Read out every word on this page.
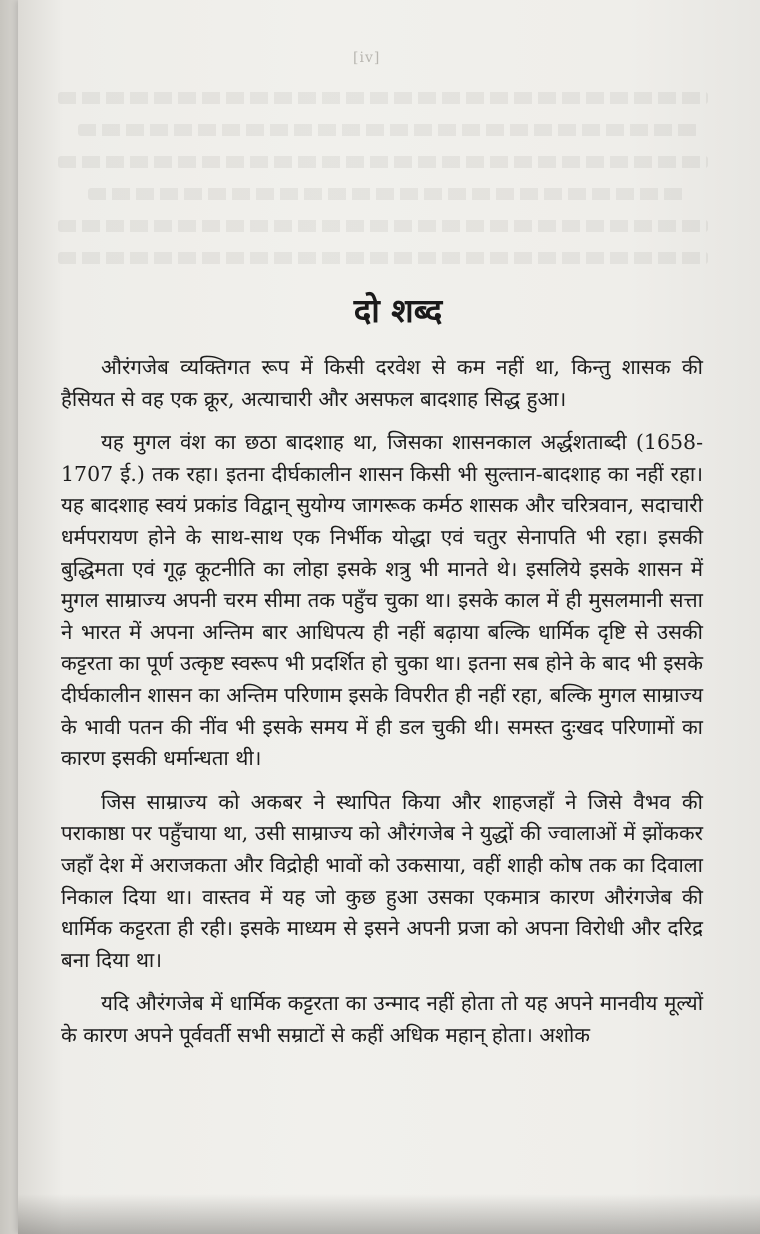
[iv]
दो शब्द

औरंगजेब व्यक्तिगत रूप में किसी दरवेश से कम नहीं था, किन्तु शासक की हैसियत से वह एक क्रूर, अत्याचारी और असफल बादशाह सिद्ध हुआ।

यह मुगल वंश का छठा बादशाह था, जिसका शासनकाल अर्द्धशताब्दी (1658-1707 ई.) तक रहा। इतना दीर्घकालीन शासन किसी भी सुल्तान-बादशाह का नहीं रहा। यह बादशाह स्वयं प्रकांड विद्वान् सुयोग्य जागरूक कर्मठ शासक और चरित्रवान, सदाचारी धर्मपरायण होने के साथ-साथ एक निर्भीक योद्धा एवं चतुर सेनापति भी रहा। इसकी बुद्धिमता एवं गूढ़ कूटनीति का लोहा इसके शत्रु भी मानते थे। इसलिये इसके शासन में मुगल साम्राज्य अपनी चरम सीमा तक पहुँच चुका था। इसके काल में ही मुसलमानी सत्ता ने भारत में अपना अन्तिम बार आधिपत्य ही नहीं बढ़ाया बल्कि धार्मिक दृष्टि से उसकी कट्टरता का पूर्ण उत्कृष्ट स्वरूप भी प्रदर्शित हो चुका था। इतना सब होने के बाद भी इसके दीर्घकालीन शासन का अन्तिम परिणाम इसके विपरीत ही नहीं रहा, बल्कि मुगल साम्राज्य के भावी पतन की नींव भी इसके समय में ही डल चुकी थी। समस्त दुःखद परिणामों का कारण इसकी धर्मान्धता थी।

जिस साम्राज्य को अकबर ने स्थापित किया और शाहजहाँ ने जिसे वैभव की पराकाष्ठा पर पहुँचाया था, उसी साम्राज्य को औरंगजेब ने युद्धों की ज्वालाओं में झोंककर जहाँ देश में अराजकता और विद्रोही भावों को उकसाया, वहीं शाही कोष तक का दिवाला निकाल दिया था। वास्तव में यह जो कुछ हुआ उसका एकमात्र कारण औरंगजेब की धार्मिक कट्टरता ही रही। इसके माध्यम से इसने अपनी प्रजा को अपना विरोधी और दरिद्र बना दिया था।

यदि औरंगजेब में धार्मिक कट्टरता का उन्माद नहीं होता तो यह अपने मानवीय मूल्यों के कारण अपने पूर्ववर्ती सभी सम्राटों से कहीं अधिक महान् होता। अशोक
